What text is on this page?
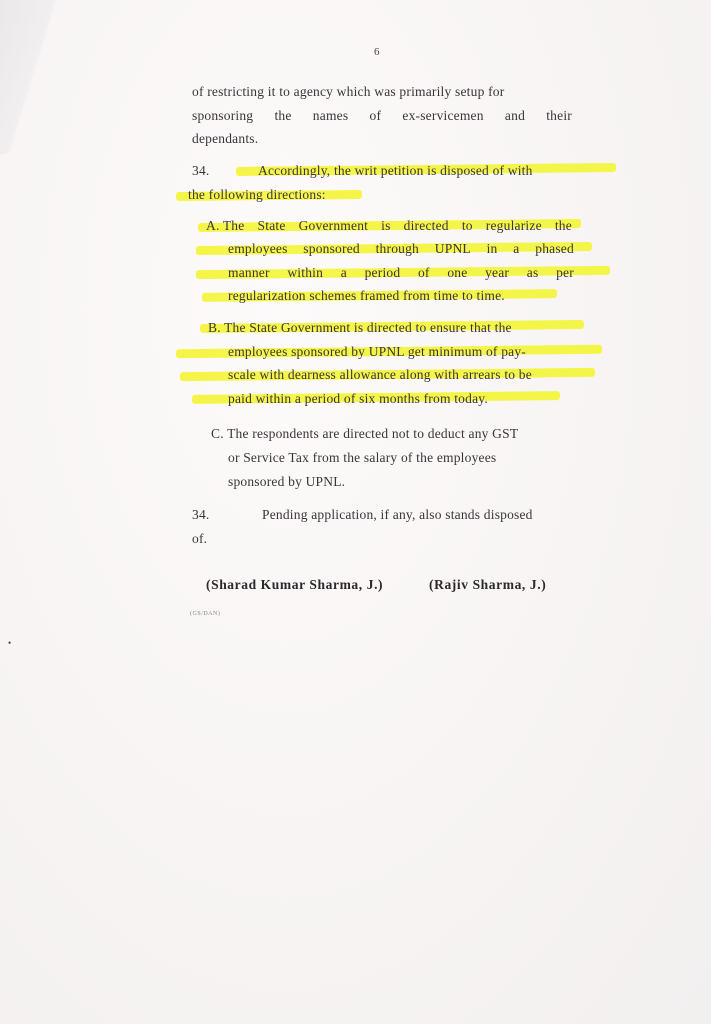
6
of restricting it to agency which was primarily setup for
sponsoring the names of ex-servicemen and their
dependants.
34.	Accordingly, the writ petition is disposed of with
the following directions:
A. The State Government is directed to regularize the
employees sponsored through UPNL in a phased
manner within a period of one year as per
regularization schemes framed from time to time.
B. The State Government is directed to ensure that the
employees sponsored by UPNL get minimum of pay-
scale with dearness allowance along with arrears to be
paid within a period of six months from today.
C. The respondents are directed not to deduct any GST
or Service Tax from the salary of the employees
sponsored by UPNL.
34.	Pending application, if any, also stands disposed
of.
(Sharad Kumar Sharma, J.)	(Rajiv Sharma, J.)
(GS/DAN)
•
